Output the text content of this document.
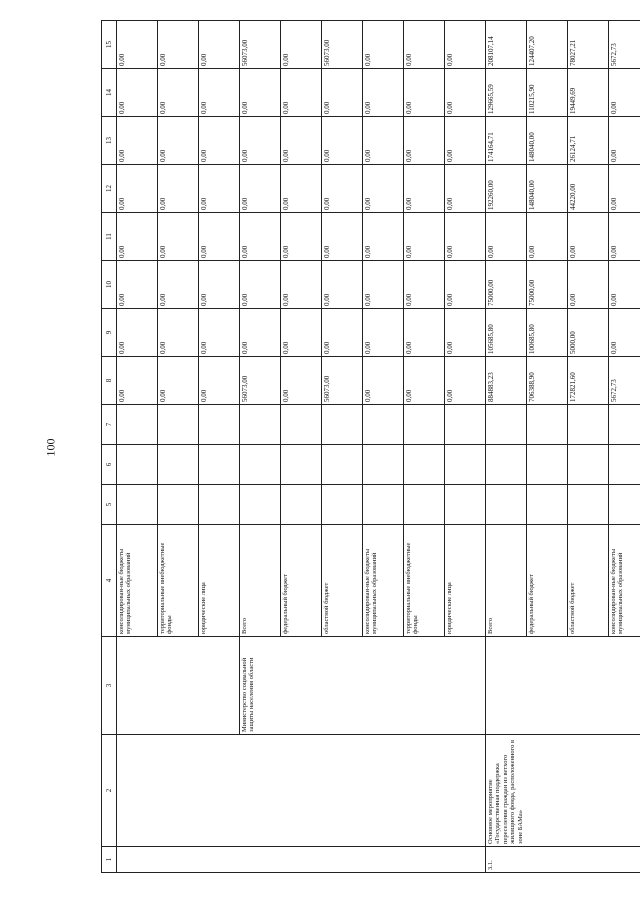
100
1	2	3	4	5	6	7	8	9	10	11	12	13	14	15
			консолидирован-ные бюджеты муниципальных образований				0,00	0,00	0,00	0,00	0,00	0,00	0,00	0,00
			территориальные внебюджетные фонды				0,00	0,00	0,00	0,00	0,00	0,00	0,00	0,00
			юридические лица				0,00	0,00	0,00	0,00	0,00	0,00	0,00	0,00
		Министерство социальной защиты населения области	Всего				56073,00	0,00	0,00	0,00	0,00	0,00	0,00	56073,00
			федеральный бюджет				0,00	0,00	0,00	0,00	0,00	0,00	0,00	0,00
			областной бюджет				56073,00	0,00	0,00	0,00	0,00	0,00	0,00	56073,00
			консолидирован-ные бюджеты муниципальных образований				0,00	0,00	0,00	0,00	0,00	0,00	0,00	0,00
			территориальные внебюджетные фонды				0,00	0,00	0,00	0,00	0,00	0,00	0,00	0,00
			юридические лица				0,00	0,00	0,00	0,00	0,00	0,00	0,00	0,00
3.1.	Основное мероприятие «Государственная поддержка переселения граждан из ветхого жилищного фонда, расположенного в зоне БАМа»		Всего				884883,23	105685,80	75000,00	0,00	192260,00	174164,71	129665,59	208107,14
			федеральный бюджет				706388,90	100685,80	75000,00	0,00	148040,00	148040,00	110215,90	124407,20
			областной бюджет				172821,60	5000,00	0,00	0,00	44220,00	26124,71	19449,69	78027,21
			консолидирован-ные бюджеты муниципальных образований				5672,73	0,00	0,00	0,00	0,00	0,00	0,00	5672,73
